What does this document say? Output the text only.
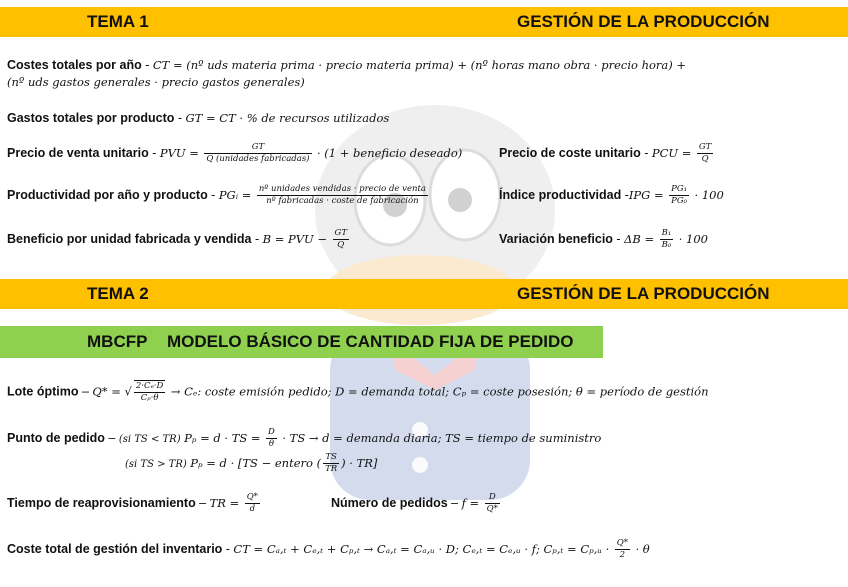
TEMA 1	GESTIÓN DE LA PRODUCCIÓN
Costes totales por año - CT = (nº uds materia prima · precio materia prima) + (nº horas mano obra · precio hora) +
(nº uds gastos generales · precio gastos generales)
Gastos totales por producto - GT = CT · % de recursos utilizados
Precio de venta unitario - PVU = $\frac{GT}{\text{Q (unidades fabricadas)}} \cdot (1$ + beneficio deseado)	Precio de coste unitario - PCU = $\frac{GT}{Q}$
Productividad por año y producto - PGᵢ = $\frac{\text{nº unidades vendidas · precio de venta}}{\text{nº fabricadas · coste de fabricación}}$	Índice productividad $-IPG = \frac{\text{PG₁}}{\text{PG₀}} \cdot 100$
Beneficio por unidad fabricada y vendida - B = PVU − $\frac{GT}{Q}$	Variación beneficio - $\Delta B = \frac{\text{B₁}}{\text{B₀}} \cdot 100$
TEMA 2	GESTIÓN DE LA PRODUCCIÓN
MBCFP MODELO BÁSICO DE CANTIDAD FIJA DE PEDIDO
Lote óptimo – Q* = √ $\frac{\text{2·Cₑ·D}}{\text{Cₚ·θ}} \to C_e$: coste emisión pedido; D = demanda total; Cₚ = coste posesión; θ = período de gestión
Punto de pedido – (si TS < TR) Pₚ = d · TS = $\frac{D}{\theta}$ · TS → d = demanda diaria; TS = tiempo de suministro
(si TS > TR) Pₚ = d · [TS − entero ( $\frac{TS}{TR}$ ) · TR]
Tiempo de reaprovisionamiento – TR = $\frac{Q*}{d}$	Número de pedidos – $f = \frac{D}{Q*}$
Coste total de gestión del inventario - CT = Cₐ,ₜ + Cₑ,ₜ + Cₚ,ₜ → Cₐ,ₜ = Cₐ,ᵤ · D; Cₑ,ₜ = Cₑ,ᵤ · f; Cₚ,ₜ = Cₚ,ᵤ · $\frac{Q*}{2} \cdot \theta$
